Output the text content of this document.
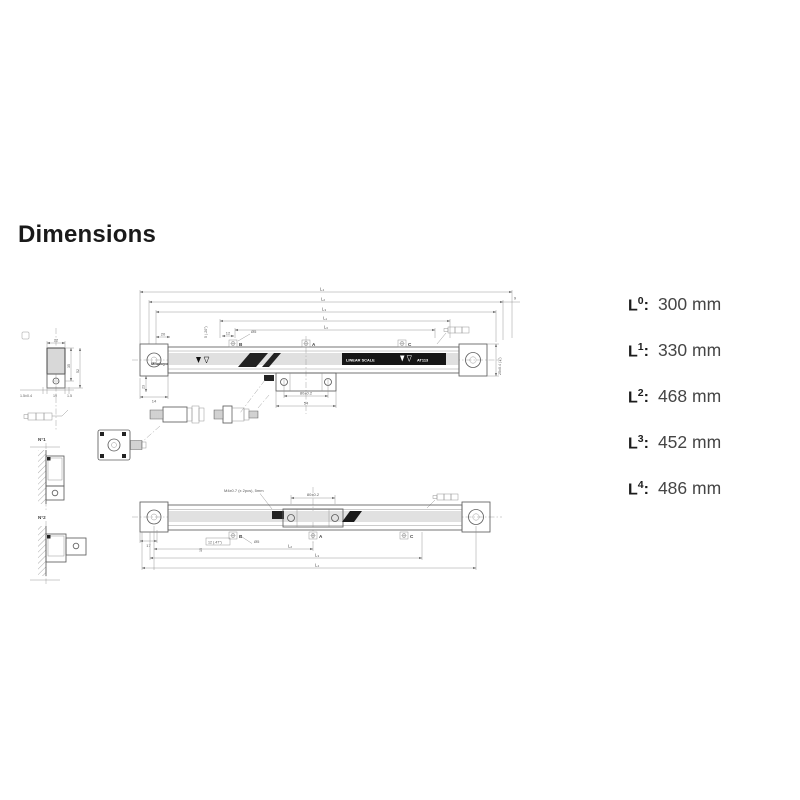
Dimensions
$L^0$ : 300 mm
$L^1$ : 330 mm
$L^2$ : 468 mm
$L^3$ : 452 mm
$L^4$ : 486 mm
L₄
L₂
L₃
L₁
L₀
9
LINEAR SCALE	AT113
Mitutoyo
B	A	C
12	Ø5
20	5 (.20")
25±0.4 (1")
80±0.2
54
23
14
22
35
52
1.5±0.4	19	1.5
N°1
N°2
M4x0.7 (x 2pcs), 5mm
80±0.2
B	A	C
12 (.47")	Ø5
15
17	L₂
L₃
L₄
